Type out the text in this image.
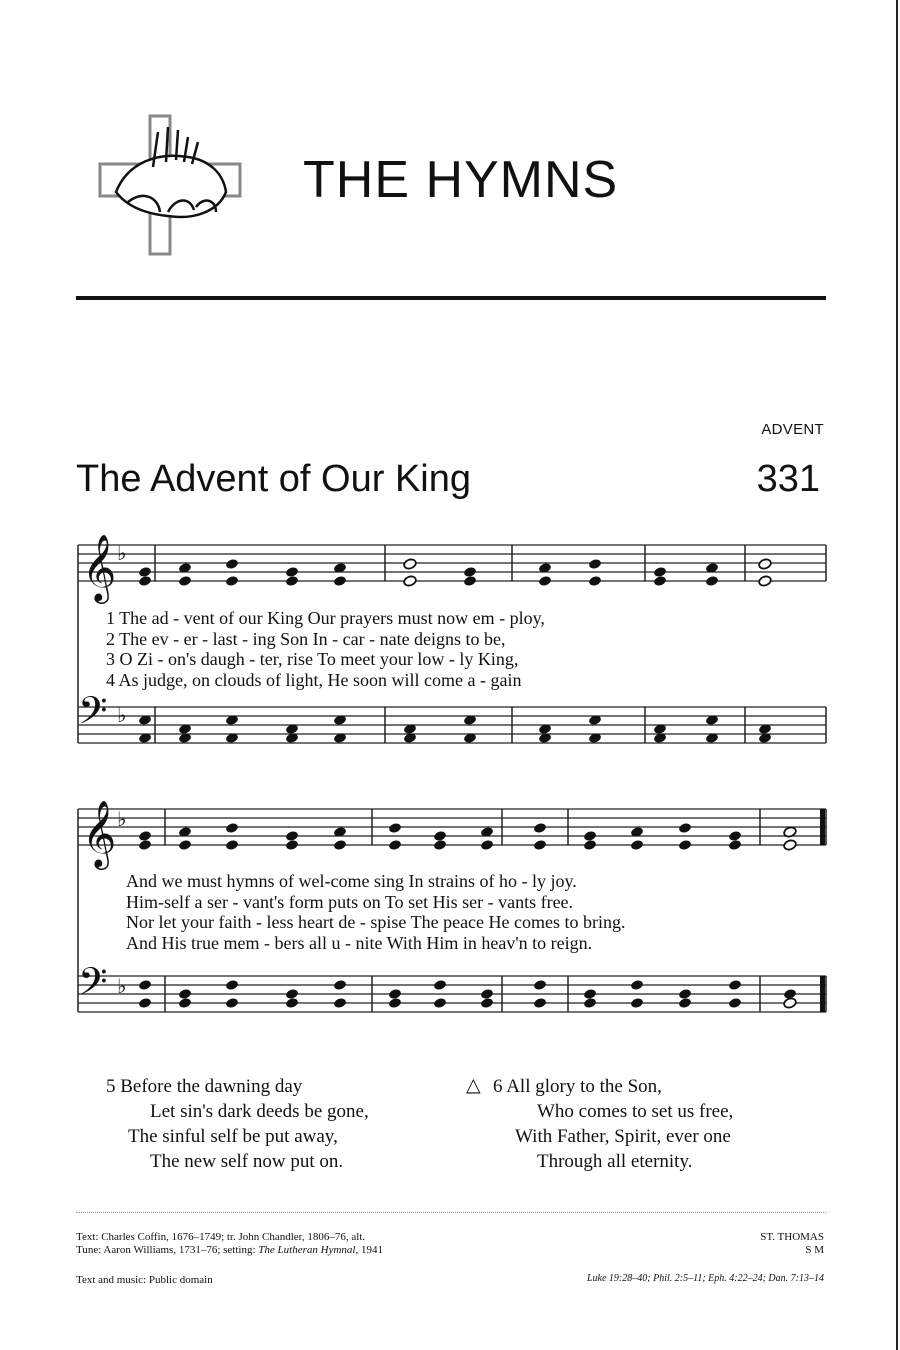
THE HYMNS
ADVENT
The Advent of Our King	331
𝄞
𝄢
𝄞
𝄢
♭
♭
♭
♭
1 The ad - vent of our King Our prayers must now em - ploy,
2 The ev - er - last - ing Son In - car - nate deigns to be,
3 O Zi - on's daugh - ter, rise To meet your low - ly King,
4 As judge, on clouds of light, He soon will come a - gain
And we must hymns of wel-come sing In strains of ho - ly joy.
Him-self a ser - vant's form puts on To set His ser - vants free.
Nor let your faith - less heart de - spise The peace He comes to bring.
And His true mem - bers all u - nite With Him in heav'n to reign.
5 Before the dawning day
Let sin's dark deeds be gone,
The sinful self be put away,
The new self now put on.
△ 6 All glory to the Son,
Who comes to set us free,
With Father, Spirit, ever one
Through all eternity.
Text: Charles Coffin, 1676–1749; tr. John Chandler, 1806–76, alt.
Tune: Aaron Williams, 1731–76; setting: The Lutheran Hymnal, 1941
Text and music: Public domain
ST. THOMAS
S M
Luke 19:28–40; Phil. 2:5–11; Eph. 4:22–24; Dan. 7:13–14
